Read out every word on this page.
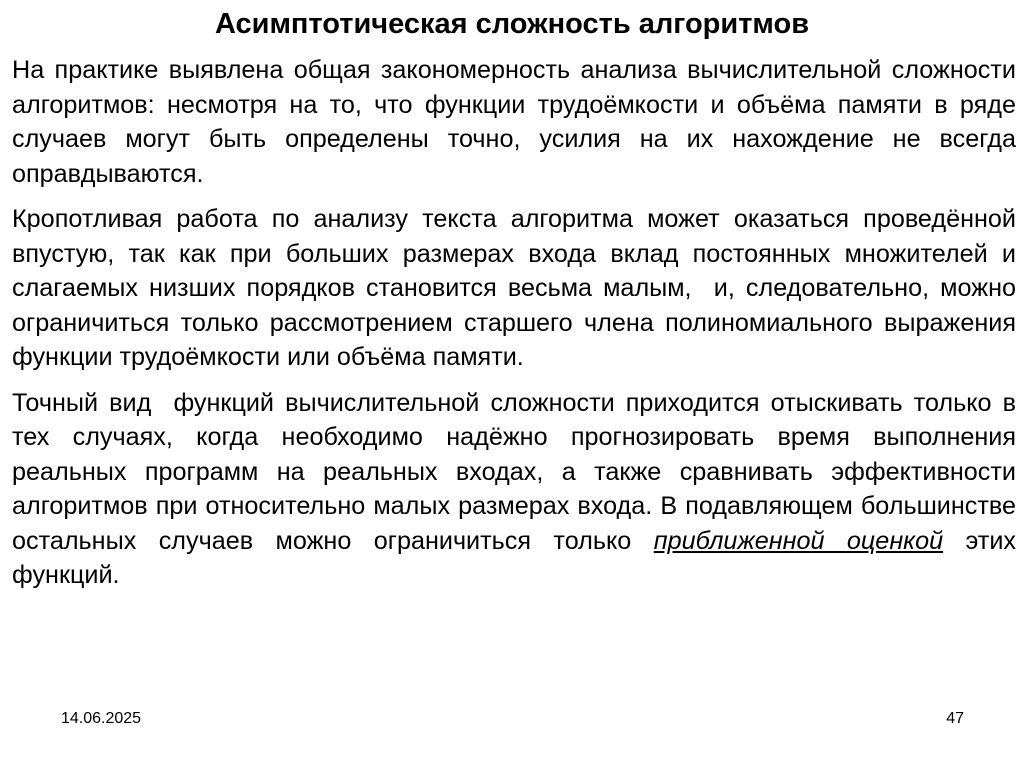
Асимптотическая сложность алгоритмов

На практике выявлена общая закономерность анализа вычислительной сложности алгоритмов: несмотря на то, что функции трудоёмкости и объёма памяти в ряде случаев могут быть определены точно, усилия на их нахождение не всегда оправдываются.

Кропотливая работа по анализу текста алгоритма может оказаться проведённой впустую, так как при больших размерах входа вклад постоянных множителей и слагаемых низших порядков становится весьма малым,  и, следовательно, можно ограничиться только рассмотрением старшего члена полиномиального выражения функции трудоёмкости или объёма памяти.

Точный вид  функций вычислительной сложности приходится отыскивать только в тех случаях, когда необходимо надёжно прогнозировать время выполнения реальных программ на реальных входах, а также сравнивать эффективности алгоритмов при относительно малых размерах входа. В подавляющем большинстве остальных случаев можно ограничиться только приближенной оценкой этих функций.

14.06.2025	47
